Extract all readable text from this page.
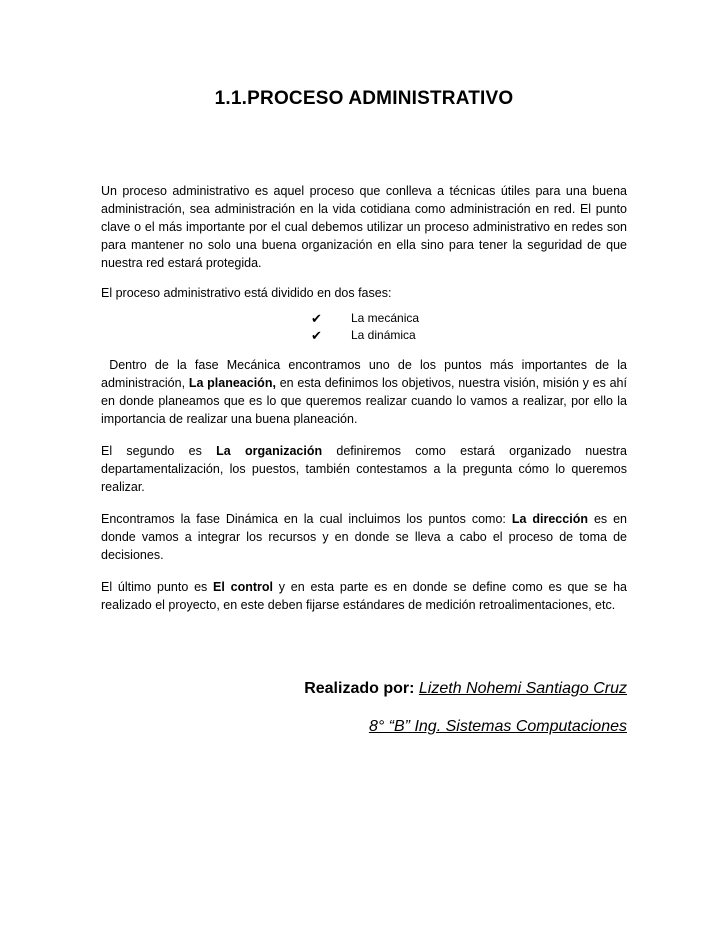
1.1.PROCESO ADMINISTRATIVO

Un proceso administrativo es aquel proceso que conlleva a técnicas útiles para una buena administración, sea administración en la vida cotidiana como administración en red. El punto clave o el más importante por el cual debemos utilizar un proceso administrativo en redes son para mantener no solo una buena organización en ella sino para tener la seguridad de que nuestra red estará protegida.

El proceso administrativo está dividido en dos fases:

✔ La mecánica
✔ La dinámica

Dentro de la fase Mecánica encontramos uno de los puntos más importantes de la administración, La planeación, en esta definimos los objetivos, nuestra visión, misión y es ahí en donde planeamos que es lo que queremos realizar cuando lo vamos a realizar, por ello la importancia de realizar una buena planeación.

El segundo es La organización definiremos como estará organizado nuestra departamentalización, los puestos, también contestamos a la pregunta cómo lo queremos realizar.

Encontramos la fase Dinámica en la cual incluimos los puntos como: La dirección es en donde vamos a integrar los recursos y en donde se lleva a cabo el proceso de toma de decisiones.

El último punto es El control y en esta parte es en donde se define como es que se ha realizado el proyecto, en este deben fijarse estándares de medición retroalimentaciones, etc.

Realizado por: Lizeth Nohemi Santiago Cruz
8° “B” Ing. Sistemas Computaciones
